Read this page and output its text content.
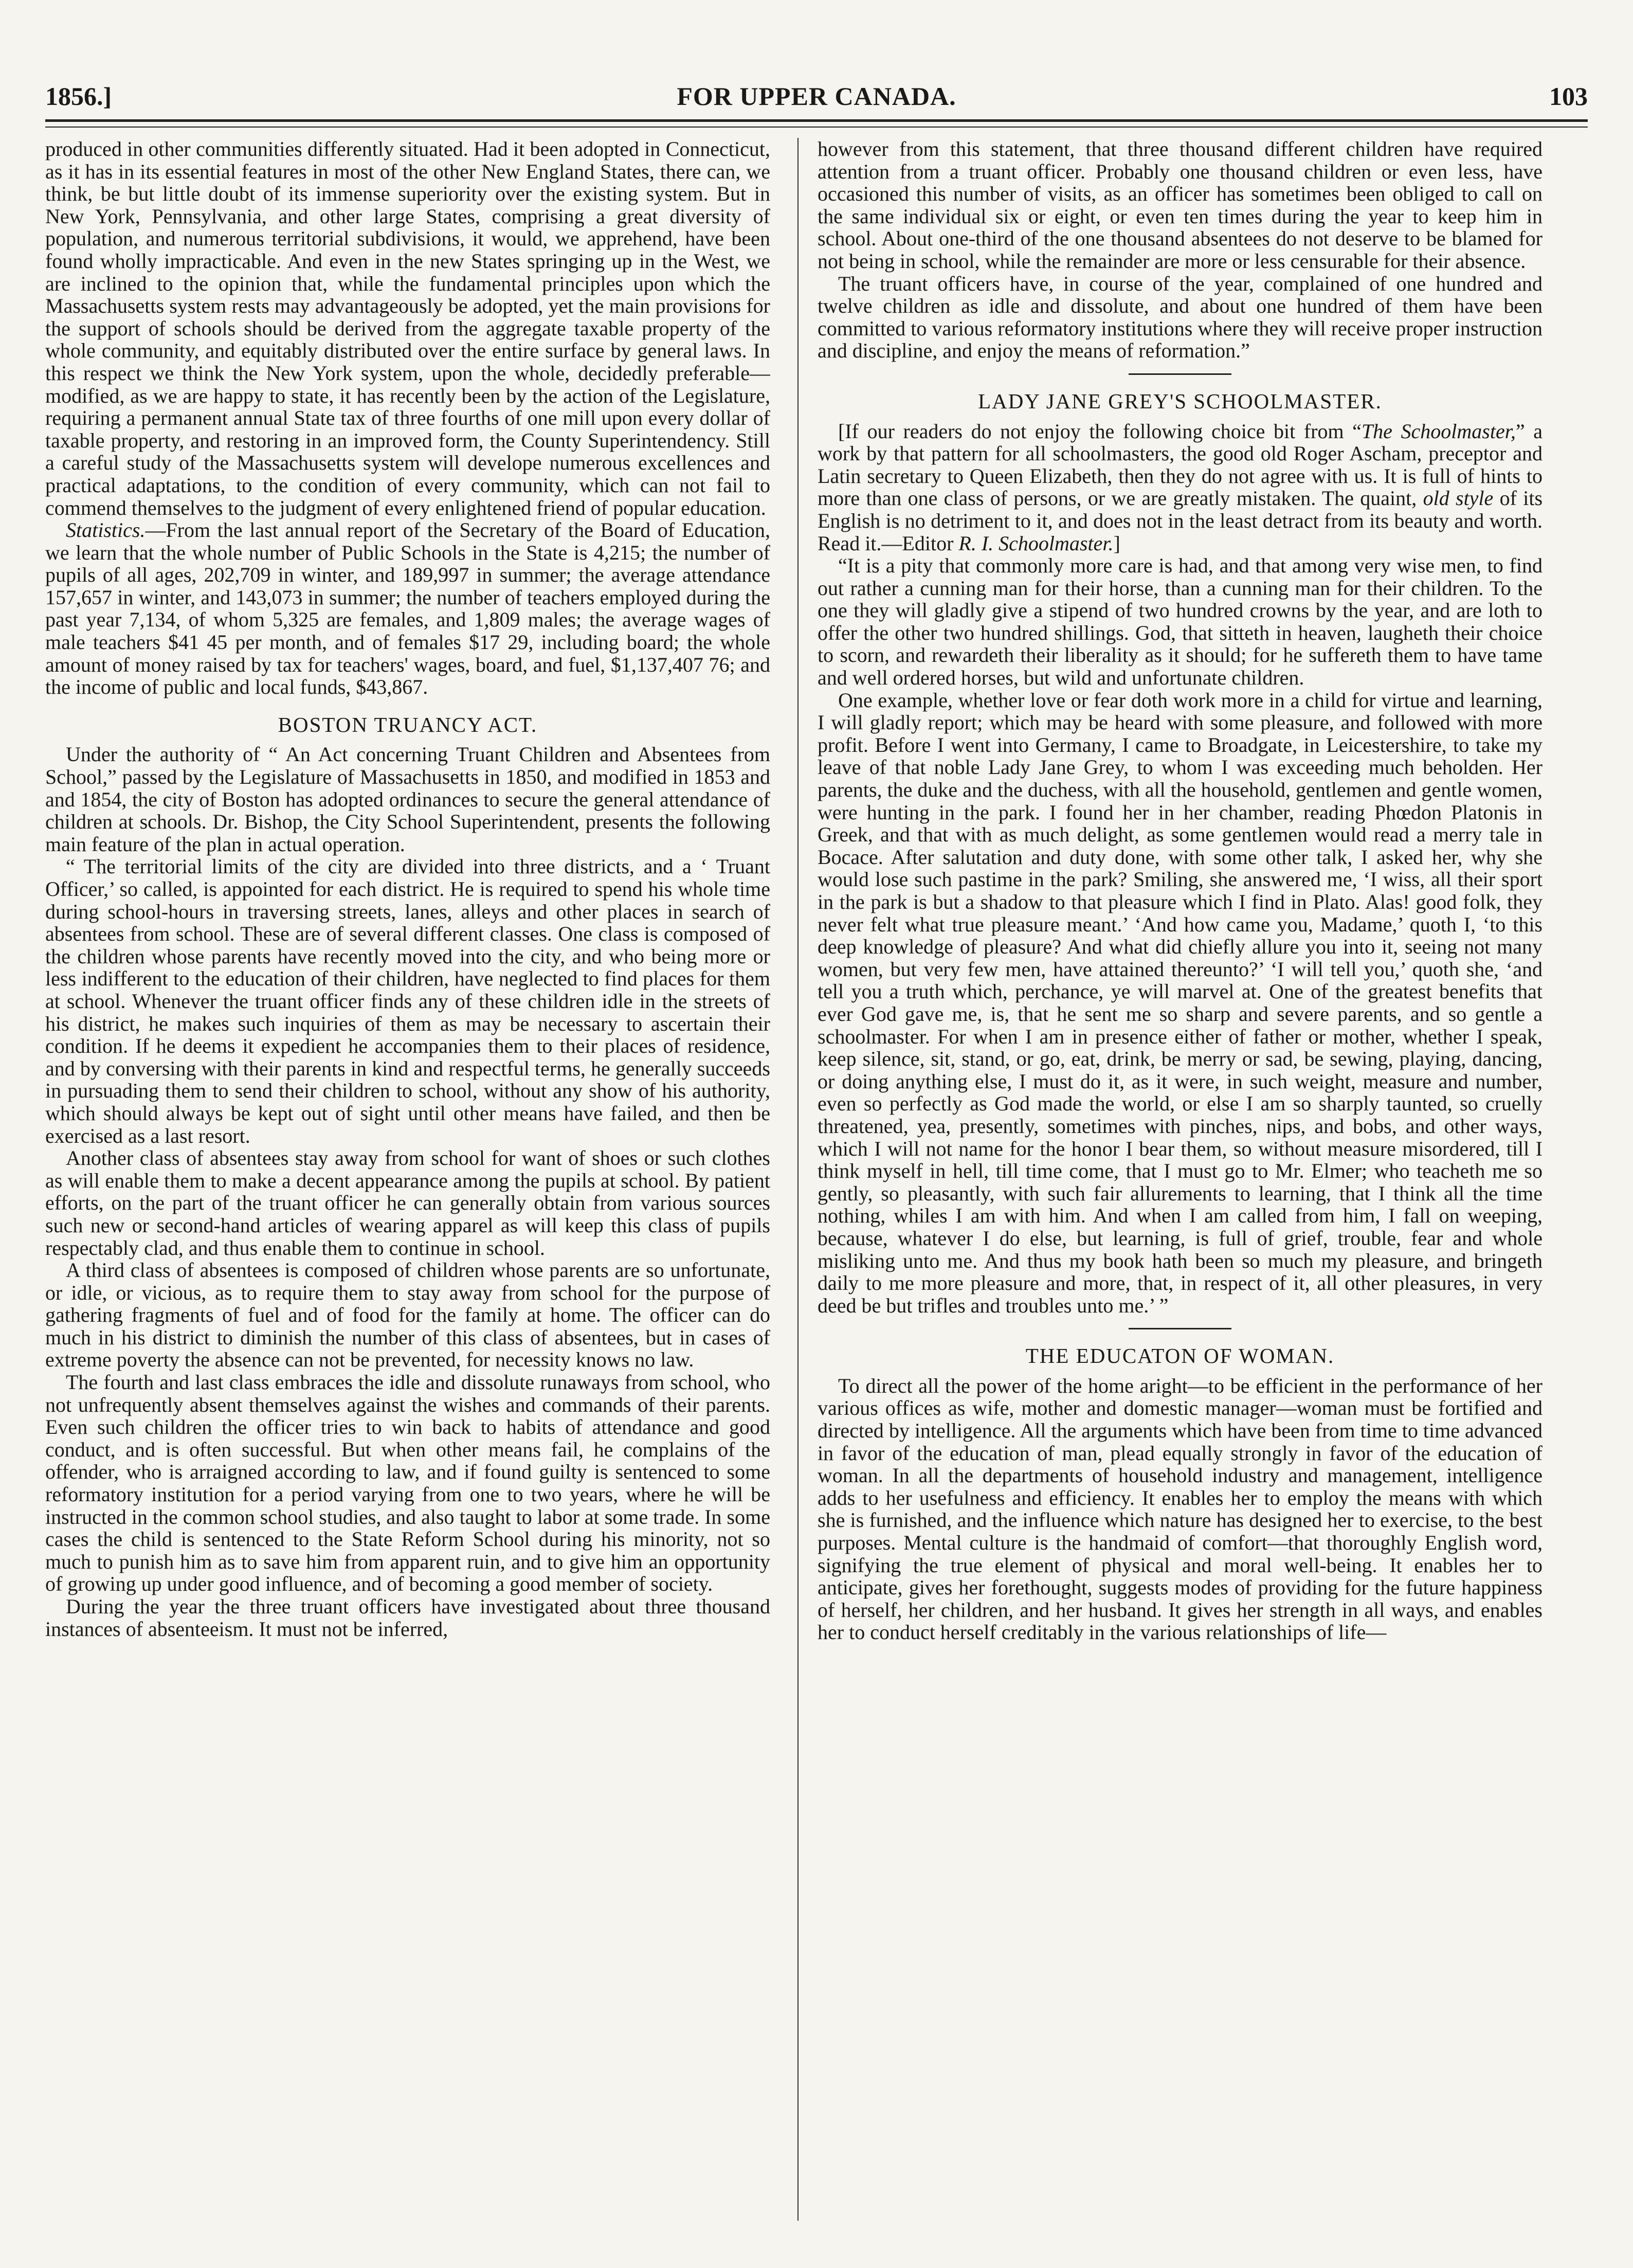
1856.]	FOR UPPER CANADA.	103

produced in other communities differently situated. Had it been adopted in Connecticut, as it has in its essential features in most of the other New England States, there can, we think, be but little doubt of its immense superiority over the existing system. But in New York, Pennsylvania, and other large States, comprising a great diversity of population, and numerous territorial subdivisions, it would, we apprehend, have been found wholly impracticable. And even in the new States springing up in the West, we are inclined to the opinion that, while the fundamental principles upon which the Massachusetts system rests may advantageously be adopted, yet the main provisions for the support of schools should be derived from the aggregate taxable property of the whole community, and equitably distributed over the entire surface by general laws. In this respect we think the New York system, upon the whole, decidedly preferable—modified, as we are happy to state, it has recently been by the action of the Legislature, requiring a permanent annual State tax of three fourths of one mill upon every dollar of taxable property, and restoring in an improved form, the County Superintendency. Still a careful study of the Massachusetts system will develope numerous excellences and practical adaptations, to the condition of every community, which can not fail to commend themselves to the judgment of every enlightened friend of popular education.

Statistics.—From the last annual report of the Secretary of the Board of Education, we learn that the whole number of Public Schools in the State is 4,215; the number of pupils of all ages, 202,709 in winter, and 189,997 in summer; the average attendance 157,657 in winter, and 143,073 in summer; the number of teachers employed during the past year 7,134, of whom 5,325 are females, and 1,809 males; the average wages of male teachers $41 45 per month, and of females $17 29, including board; the whole amount of money raised by tax for teachers' wages, board, and fuel, $1,137,407 76; and the income of public and local funds, $43,867.

BOSTON TRUANCY ACT.

Under the authority of “ An Act concerning Truant Children and Absentees from School,” passed by the Legislature of Massachusetts in 1850, and modified in 1853 and and 1854, the city of Boston has adopted ordinances to secure the general attendance of children at schools. Dr. Bishop, the City School Superintendent, presents the following main feature of the plan in actual operation.

“ The territorial limits of the city are divided into three districts, and a ‘ Truant Officer,’ so called, is appointed for each district. He is required to spend his whole time during school-hours in traversing streets, lanes, alleys and other places in search of absentees from school. These are of several different classes. One class is composed of the children whose parents have recently moved into the city, and who being more or less indifferent to the education of their children, have neglected to find places for them at school. Whenever the truant officer finds any of these children idle in the streets of his district, he makes such inquiries of them as may be necessary to ascertain their condition. If he deems it expedient he accompanies them to their places of residence, and by conversing with their parents in kind and respectful terms, he generally succeeds in pursuading them to send their children to school, without any show of his authority, which should always be kept out of sight until other means have failed, and then be exercised as a last resort.

Another class of absentees stay away from school for want of shoes or such clothes as will enable them to make a decent appearance among the pupils at school. By patient efforts, on the part of the truant officer he can generally obtain from various sources such new or second-hand articles of wearing apparel as will keep this class of pupils respectably clad, and thus enable them to continue in school.

A third class of absentees is composed of children whose parents are so unfortunate, or idle, or vicious, as to require them to stay away from school for the purpose of gathering fragments of fuel and of food for the family at home. The officer can do much in his district to diminish the number of this class of absentees, but in cases of extreme poverty the absence can not be prevented, for necessity knows no law.

The fourth and last class embraces the idle and dissolute runaways from school, who not unfrequently absent themselves against the wishes and commands of their parents. Even such children the officer tries to win back to habits of attendance and good conduct, and is often successful. But when other means fail, he complains of the offender, who is arraigned according to law, and if found guilty is sentenced to some reformatory institution for a period varying from one to two years, where he will be instructed in the common school studies, and also taught to labor at some trade. In some cases the child is sentenced to the State Reform School during his minority, not so much to punish him as to save him from apparent ruin, and to give him an opportunity of growing up under good influence, and of becoming a good member of society.

During the year the three truant officers have investigated about three thousand instances of absenteeism. It must not be inferred,

however from this statement, that three thousand different children have required attention from a truant officer. Probably one thousand children or even less, have occasioned this number of visits, as an officer has sometimes been obliged to call on the same individual six or eight, or even ten times during the year to keep him in school. About one-third of the one thousand absentees do not deserve to be blamed for not being in school, while the remainder are more or less censurable for their absence.

The truant officers have, in course of the year, complained of one hundred and twelve children as idle and dissolute, and about one hundred of them have been committed to various reformatory institutions where they will receive proper instruction and discipline, and enjoy the means of reformation.”

LADY JANE GREY'S SCHOOLMASTER.

[If our readers do not enjoy the following choice bit from “The Schoolmaster,” a work by that pattern for all schoolmasters, the good old Roger Ascham, preceptor and Latin secretary to Queen Elizabeth, then they do not agree with us. It is full of hints to more than one class of persons, or we are greatly mistaken. The quaint, old style of its English is no detriment to it, and does not in the least detract from its beauty and worth. Read it.—Editor R. I. Schoolmaster.]

“It is a pity that commonly more care is had, and that among very wise men, to find out rather a cunning man for their horse, than a cunning man for their children. To the one they will gladly give a stipend of two hundred crowns by the year, and are loth to offer the other two hundred shillings. God, that sitteth in heaven, laugheth their choice to scorn, and rewardeth their liberality as it should; for he suffereth them to have tame and well ordered horses, but wild and unfortunate children.

One example, whether love or fear doth work more in a child for virtue and learning, I will gladly report; which may be heard with some pleasure, and followed with more profit. Before I went into Germany, I came to Broadgate, in Leicestershire, to take my leave of that noble Lady Jane Grey, to whom I was exceeding much beholden. Her parents, the duke and the duchess, with all the household, gentlemen and gentle women, were hunting in the park. I found her in her chamber, reading Phœdon Platonis in Greek, and that with as much delight, as some gentlemen would read a merry tale in Bocace. After salutation and duty done, with some other talk, I asked her, why she would lose such pastime in the park? Smiling, she answered me, ‘I wiss, all their sport in the park is but a shadow to that pleasure which I find in Plato. Alas! good folk, they never felt what true pleasure meant.’ ‘And how came you, Madame,’ quoth I, ‘to this deep knowledge of pleasure? And what did chiefly allure you into it, seeing not many women, but very few men, have attained thereunto?’ ‘I will tell you,’ quoth she, ‘and tell you a truth which, perchance, ye will marvel at. One of the greatest benefits that ever God gave me, is, that he sent me so sharp and severe parents, and so gentle a schoolmaster. For when I am in presence either of father or mother, whether I speak, keep silence, sit, stand, or go, eat, drink, be merry or sad, be sewing, playing, dancing, or doing anything else, I must do it, as it were, in such weight, measure and number, even so perfectly as God made the world, or else I am so sharply taunted, so cruelly threatened, yea, presently, sometimes with pinches, nips, and bobs, and other ways, which I will not name for the honor I bear them, so without measure misordered, till I think myself in hell, till time come, that I must go to Mr. Elmer; who teacheth me so gently, so pleasantly, with such fair allurements to learning, that I think all the time nothing, whiles I am with him. And when I am called from him, I fall on weeping, because, whatever I do else, but learning, is full of grief, trouble, fear and whole misliking unto me. And thus my book hath been so much my pleasure, and bringeth daily to me more pleasure and more, that, in respect of it, all other pleasures, in very deed be but trifles and troubles unto me.’ ”

THE EDUCATON OF WOMAN.

To direct all the power of the home aright—to be efficient in the performance of her various offices as wife, mother and domestic manager—woman must be fortified and directed by intelligence. All the arguments which have been from time to time advanced in favor of the education of man, plead equally strongly in favor of the education of woman. In all the departments of household industry and management, intelligence adds to her usefulness and efficiency. It enables her to employ the means with which she is furnished, and the influence which nature has designed her to exercise, to the best purposes. Mental culture is the handmaid of comfort—that thoroughly English word, signifying the true element of physical and moral well-being. It enables her to anticipate, gives her forethought, suggests modes of providing for the future happiness of herself, her children, and her husband. It gives her strength in all ways, and enables her to conduct herself creditably in the various relationships of life—
